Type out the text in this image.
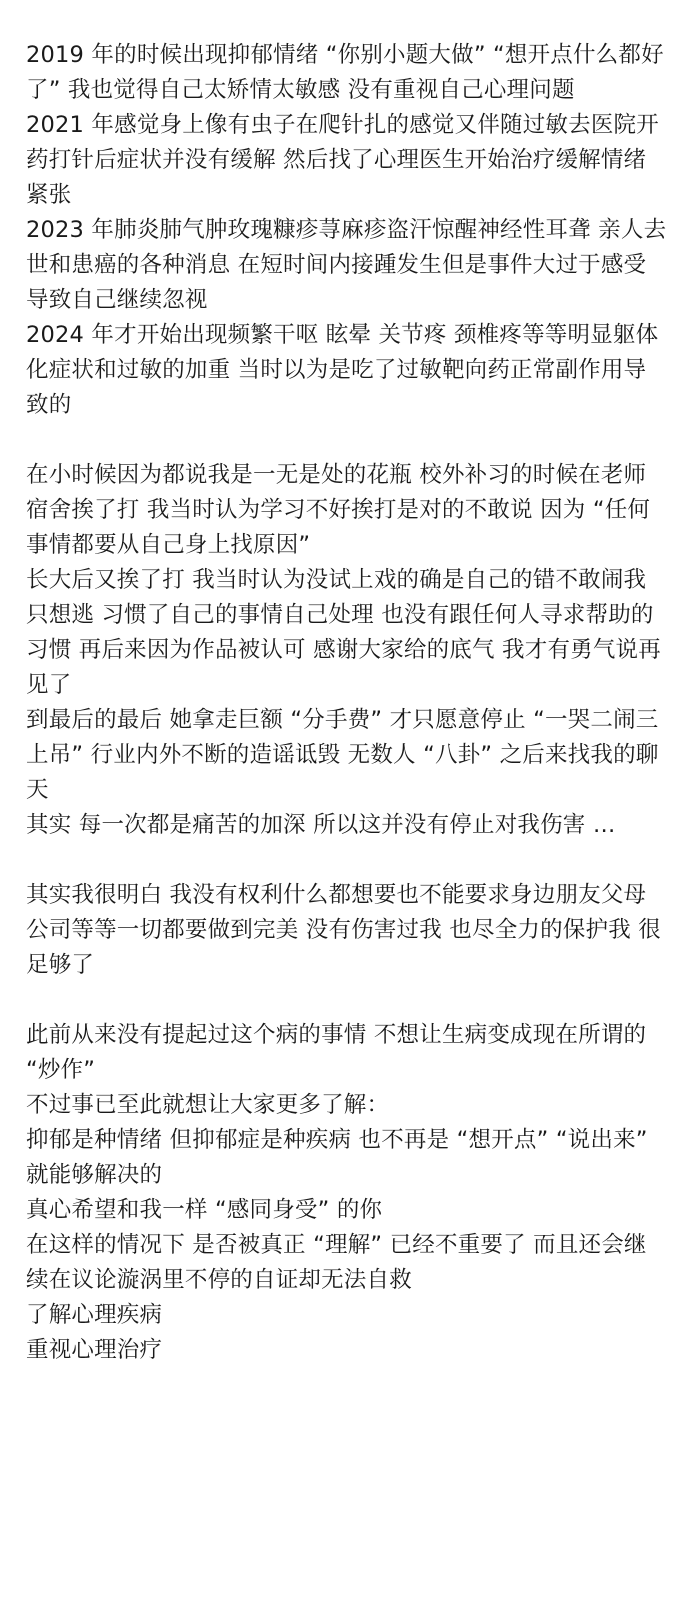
2019 年的时候出现抑郁情绪 “你别小题大做” “想开点什么都好了” 我也觉得自己太矫情太敏感 没有重视自己心理问题
2021 年感觉身上像有虫子在爬针扎的感觉又伴随过敏去医院开药打针后症状并没有缓解 然后找了心理医生开始治疗缓解情绪紧张
2023 年肺炎肺气肿玫瑰糠疹荨麻疹盗汗惊醒神经性耳聋 亲人去世和患癌的各种消息 在短时间内接踵发生但是事件大过于感受 导致自己继续忽视
2024 年才开始出现频繁干呕 眩晕 关节疼 颈椎疼等等明显躯体化症状和过敏的加重 当时以为是吃了过敏靶向药正常副作用导致的

在小时候因为都说我是一无是处的花瓶 校外补习的时候在老师宿舍挨了打 我当时认为学习不好挨打是对的不敢说 因为 “任何事情都要从自己身上找原因”
长大后又挨了打 我当时认为没试上戏的确是自己的错不敢闹我只想逃 习惯了自己的事情自己处理 也没有跟任何人寻求帮助的习惯 再后来因为作品被认可 感谢大家给的底气 我才有勇气说再见了
到最后的最后 她拿走巨额 “分手费” 才只愿意停止 “一哭二闹三上吊” 行业内外不断的造谣诋毁 无数人 “八卦” 之后来找我的聊天
其实 每一次都是痛苦的加深 所以这并没有停止对我伤害 …

其实我很明白 我没有权利什么都想要也不能要求身边朋友父母公司等等一切都要做到完美 没有伤害过我 也尽全力的保护我 很足够了

此前从来没有提起过这个病的事情 不想让生病变成现在所谓的 “炒作”
不过事已至此就想让大家更多了解：
抑郁是种情绪 但抑郁症是种疾病 也不再是 “想开点” “说出来” 就能够解决的
真心希望和我一样 “感同身受” 的你
在这样的情况下 是否被真正 “理解” 已经不重要了 而且还会继续在议论漩涡里不停的自证却无法自救
了解心理疾病
重视心理治疗
